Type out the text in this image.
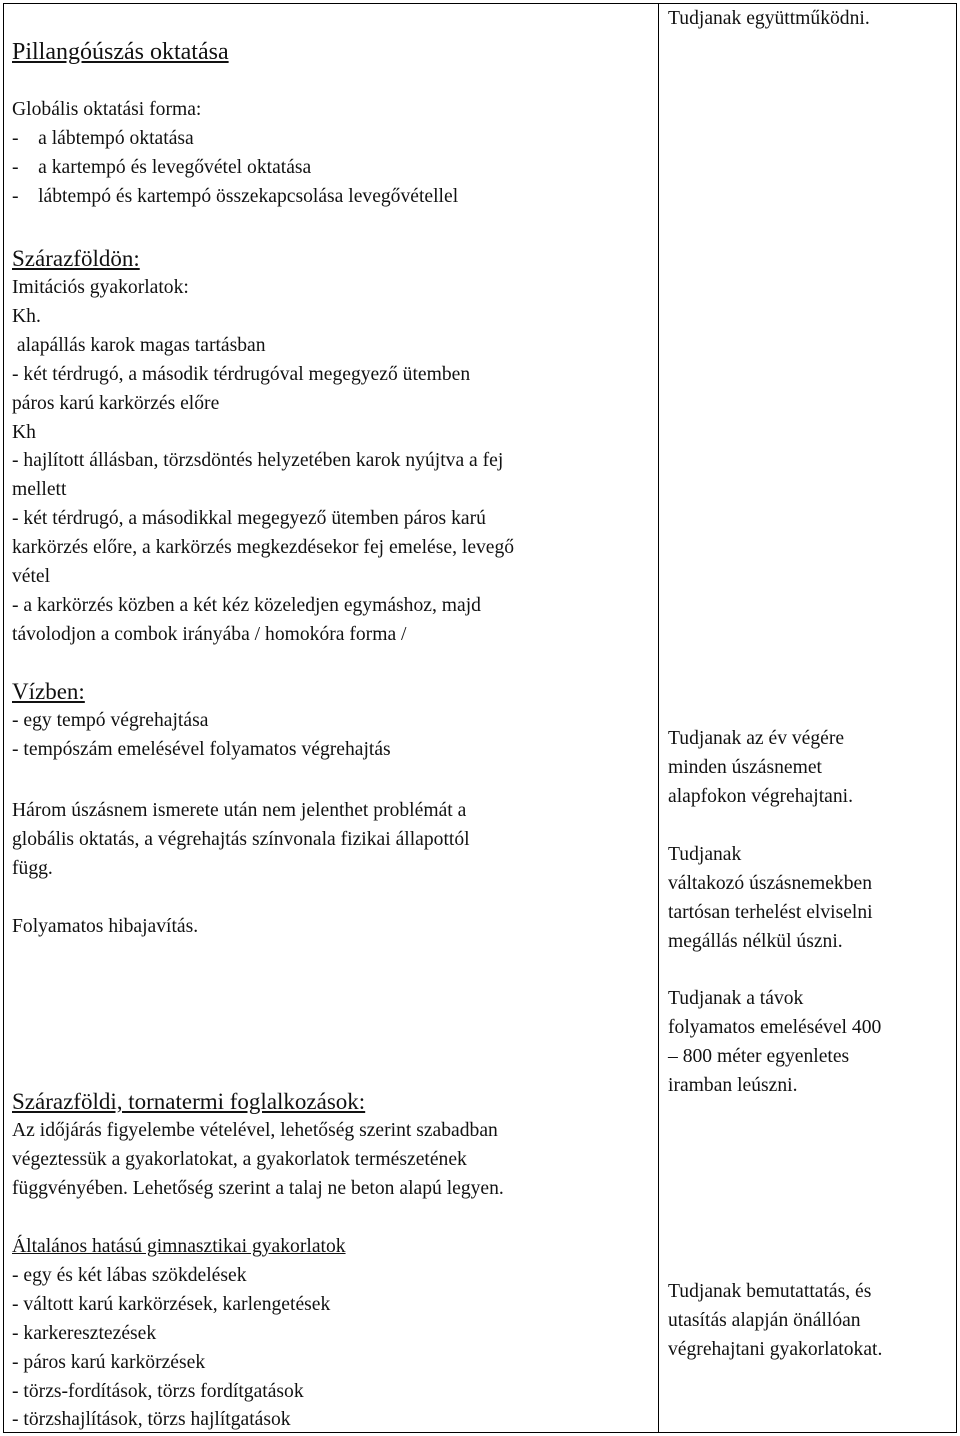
Pillangóúszás oktatása
Globális oktatási forma:
-    a lábtempó oktatása
-    a kartempó és levegővétel oktatása
-    lábtempó és kartempó összekapcsolása levegővétellel
Szárazföldön:
Imitációs gyakorlatok:
Kh.
alapállás karok magas tartásban
- két térdrugó, a második térdrugóval megegyező ütemben
páros karú karkörzés előre
Kh
- hajlított állásban, törzsdöntés helyzetében karok nyújtva a fej
mellett
- két térdrugó, a másodikkal megegyező ütemben páros karú
karkörzés előre, a karkörzés megkezdésekor fej emelése, levegő
vétel
- a karkörzés közben a két kéz közeledjen egymáshoz, majd
távolodjon a combok irányába / homokóra forma /
Vízben:
- egy tempó végrehajtása
- tempószám emelésével folyamatos végrehajtás
Három úszásnem ismerete után nem jelenthet problémát a
globális oktatás, a végrehajtás színvonala fizikai állapottól
függ.
Folyamatos hibajavítás.
Szárazföldi, tornatermi foglalkozások:
Az időjárás figyelembe vételével, lehetőség szerint szabadban
végeztessük a gyakorlatokat, a gyakorlatok természetének
függvényében. Lehetőség szerint a talaj ne beton alapú legyen.
Általános hatású gimnasztikai gyakorlatok
- egy és két lábas szökdelések
- váltott karú karkörzések, karlengetések
- karkeresztezések
- páros karú karkörzések
- törzs-fordítások, törzs fordítgatások
- törzshajlítások, törzs hajlítgatások
Tudjanak együttműködni.
Tudjanak az év végére
minden úszásnemet
alapfokon végrehajtani.
Tudjanak
váltakozó úszásnemekben
tartósan terhelést elviselni
megállás nélkül úszni.
Tudjanak a távok
folyamatos emelésével 400
– 800 méter egyenletes
iramban leúszni.
Tudjanak bemutattatás, és
utasítás alapján önállóan
végrehajtani gyakorlatokat.
